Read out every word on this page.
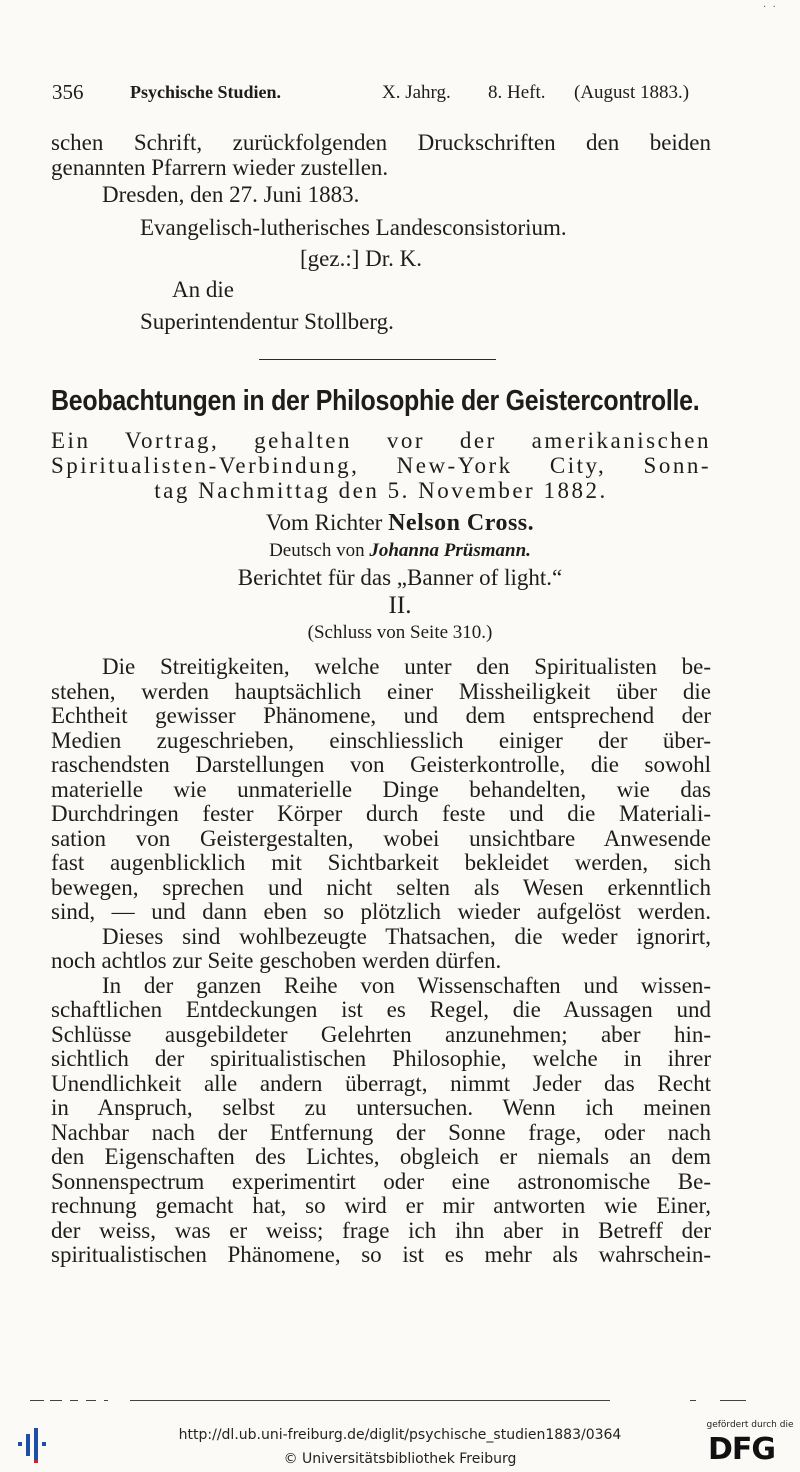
· ·
356	Psychische Studien.	X. Jahrg. 8. Heft. (August 1883.)
schen Schrift, zurückfolgenden Druckschriften den beiden
genannten Pfarrern wieder zustellen.
Dresden, den 27. Juni 1883.
Evangelisch-lutherisches Landesconsistorium.
[gez.:] Dr. K.
An die
Superintendentur Stollberg.
Beobachtungen in der Philosophie der Geistercontrolle.
Ein Vortrag, gehalten vor der amerikanischen
Spiritualisten-Verbindung, New-York City, Sonn-
tag Nachmittag den 5. November 1882.
Vom Richter Nelson Cross.
Deutsch von Johanna Prüsmann.
Berichtet für das „Banner of light.“
II.
(Schluss von Seite 310.)
Die Streitigkeiten, welche unter den Spiritualisten be-
stehen, werden hauptsächlich einer Missheiligkeit über die
Echtheit gewisser Phänomene, und dem entsprechend der
Medien zugeschrieben, einschliesslich einiger der über-
raschendsten Darstellungen von Geisterkontrolle, die sowohl
materielle wie unmaterielle Dinge behandelten, wie das
Durchdringen fester Körper durch feste und die Materiali-
sation von Geistergestalten, wobei unsichtbare Anwesende
fast augenblicklich mit Sichtbarkeit bekleidet werden, sich
bewegen, sprechen und nicht selten als Wesen erkenntlich
sind, — und dann eben so plötzlich wieder aufgelöst werden.
Dieses sind wohlbezeugte Thatsachen, die weder ignorirt,
noch achtlos zur Seite geschoben werden dürfen.
In der ganzen Reihe von Wissenschaften und wissen-
schaftlichen Entdeckungen ist es Regel, die Aussagen und
Schlüsse ausgebildeter Gelehrten anzunehmen; aber hin-
sichtlich der spiritualistischen Philosophie, welche in ihrer
Unendlichkeit alle andern überragt, nimmt Jeder das Recht
in Anspruch, selbst zu untersuchen. Wenn ich meinen
Nachbar nach der Entfernung der Sonne frage, oder nach
den Eigenschaften des Lichtes, obgleich er niemals an dem
Sonnenspectrum experimentirt oder eine astronomische Be-
rechnung gemacht hat, so wird er mir antworten wie Einer,
der weiss, was er weiss; frage ich ihn aber in Betreff der
spiritualistischen Phänomene, so ist es mehr als wahrschein-
http://dl.ub.uni-freiburg.de/diglit/psychische_studien1883/0364
© Universitätsbibliothek Freiburg
gefördert durch die
DFG
